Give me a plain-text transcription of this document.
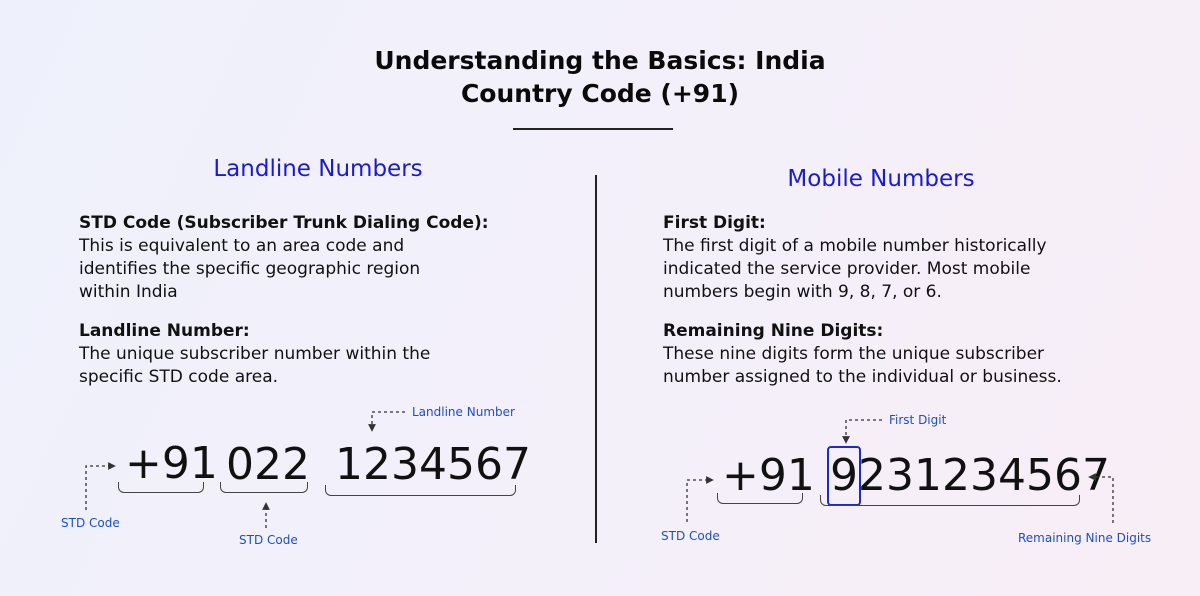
Understanding the Basics: India
Country Code (+91)
Landline Numbers
STD Code (Subscriber Trunk Dialing Code):
This is equivalent to an area code and identifies the specific geographic region within India
Landline Number:
The unique subscriber number within the specific STD code area.
+91 022 1234567
STD Code
STD Code
Landline Number
Mobile Numbers
First Digit:
The first digit of a mobile number historically indicated the service provider. Most mobile numbers begin with 9, 8, 7, or 6.
Remaining Nine Digits:
These nine digits form the unique subscriber number assigned to the individual or business.
+91 9 231234567
STD Code
First Digit
Remaining Nine Digits
